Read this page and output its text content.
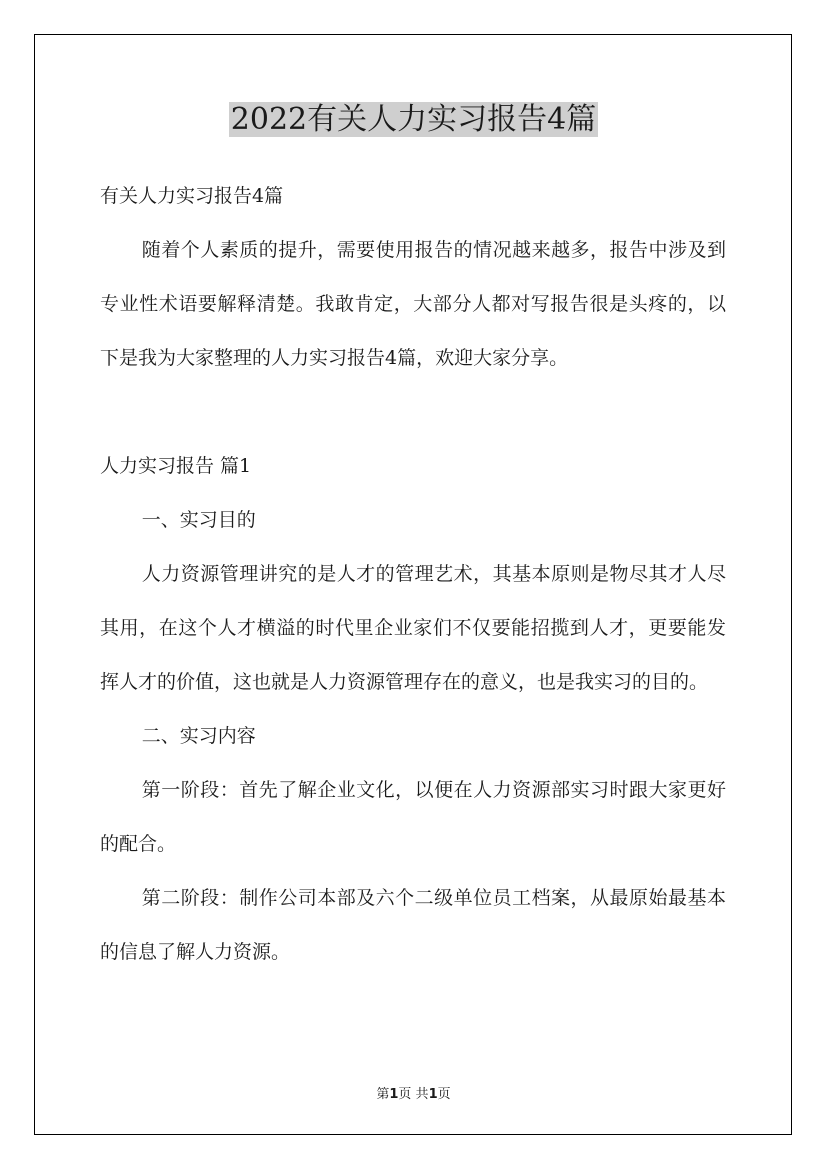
2022有关人力实习报告4篇

有关人力实习报告4篇

随着个人素质的提升，需要使用报告的情况越来越多，报告中涉及到专业性术语要解释清楚。我敢肯定，大部分人都对写报告很是头疼的，以下是我为大家整理的人力实习报告4篇，欢迎大家分享。

人力实习报告 篇1

一、实习目的

人力资源管理讲究的是人才的管理艺术，其基本原则是物尽其才人尽其用，在这个人才横溢的时代里企业家们不仅要能招揽到人才，更要能发挥人才的价值，这也就是人力资源管理存在的意义，也是我实习的目的。

二、实习内容

第一阶段：首先了解企业文化，以便在人力资源部实习时跟大家更好的配合。

第二阶段：制作公司本部及六个二级单位员工档案，从最原始最基本的信息了解人力资源。

第1页 共1页
